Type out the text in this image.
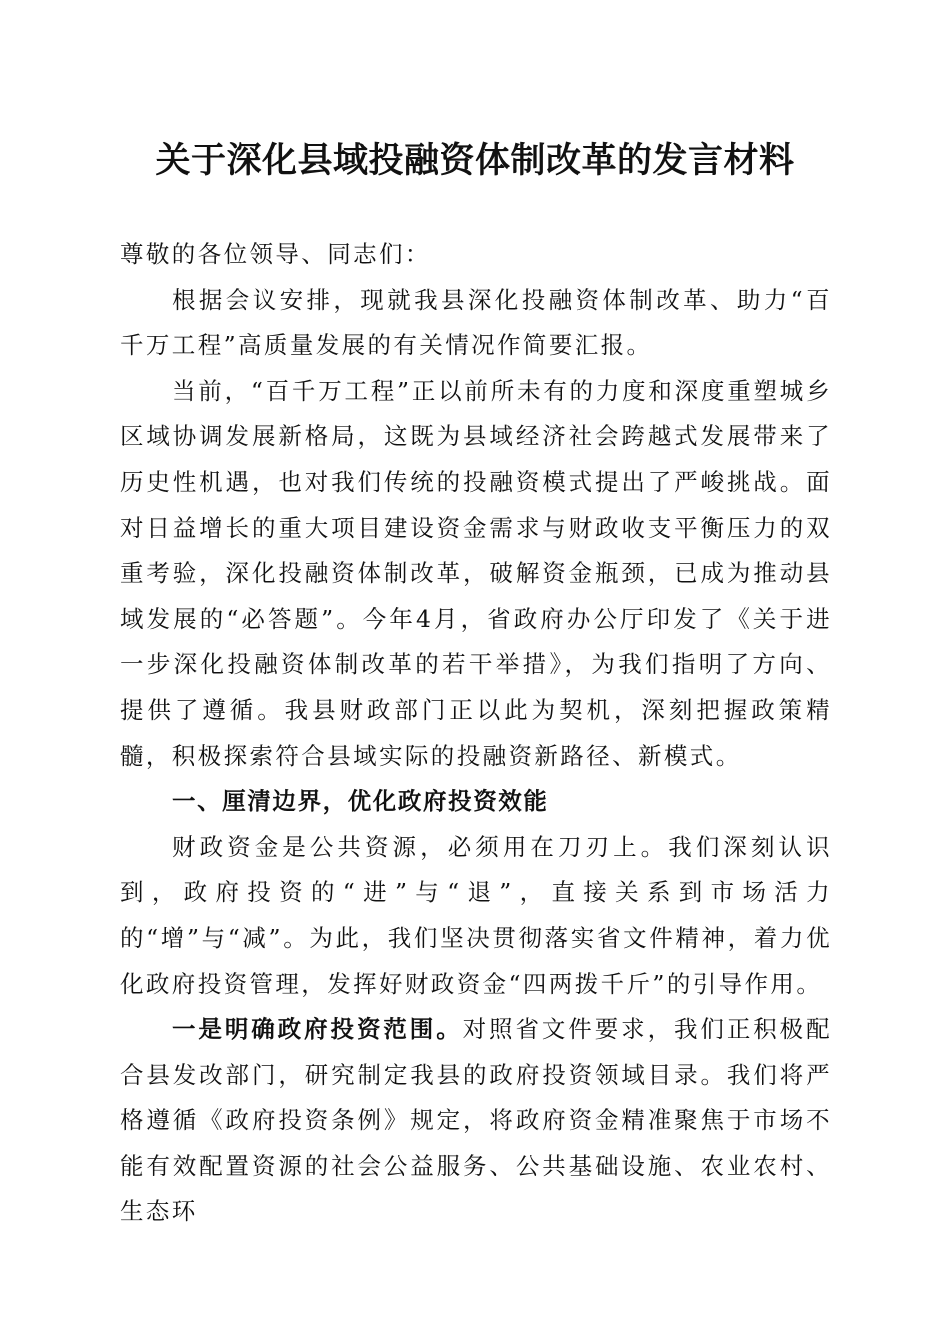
关于深化县域投融资体制改革的发言材料

尊敬的各位领导、同志们：

根据会议安排，现就我县深化投融资体制改革、助力“百千万工程”高质量发展的有关情况作简要汇报。

当前，“百千万工程”正以前所未有的力度和深度重塑城乡区域协调发展新格局，这既为县域经济社会跨越式发展带来了历史性机遇，也对我们传统的投融资模式提出了严峻挑战。面对日益增长的重大项目建设资金需求与财政收支平衡压力的双重考验，深化投融资体制改革，破解资金瓶颈，已成为推动县域发展的“必答题”。今年4月，省政府办公厅印发了《关于进一步深化投融资体制改革的若干举措》，为我们指明了方向、提供了遵循。我县财政部门正以此为契机，深刻把握政策精髓，积极探索符合县域实际的投融资新路径、新模式。

一、厘清边界，优化政府投资效能

财政资金是公共资源，必须用在刀刃上。我们深刻认识到，政府投资的“进”与“退”，直接关系到市场活力的“增”与“减”。为此，我们坚决贯彻落实省文件精神，着力优化政府投资管理，发挥好财政资金“四两拨千斤”的引导作用。

一是明确政府投资范围。对照省文件要求，我们正积极配合县发改部门，研究制定我县的政府投资领域目录。我们将严格遵循《政府投资条例》规定，将政府资金精准聚焦于市场不能有效配置资源的社会公益服务、公共基础设施、农业农村、生态环
